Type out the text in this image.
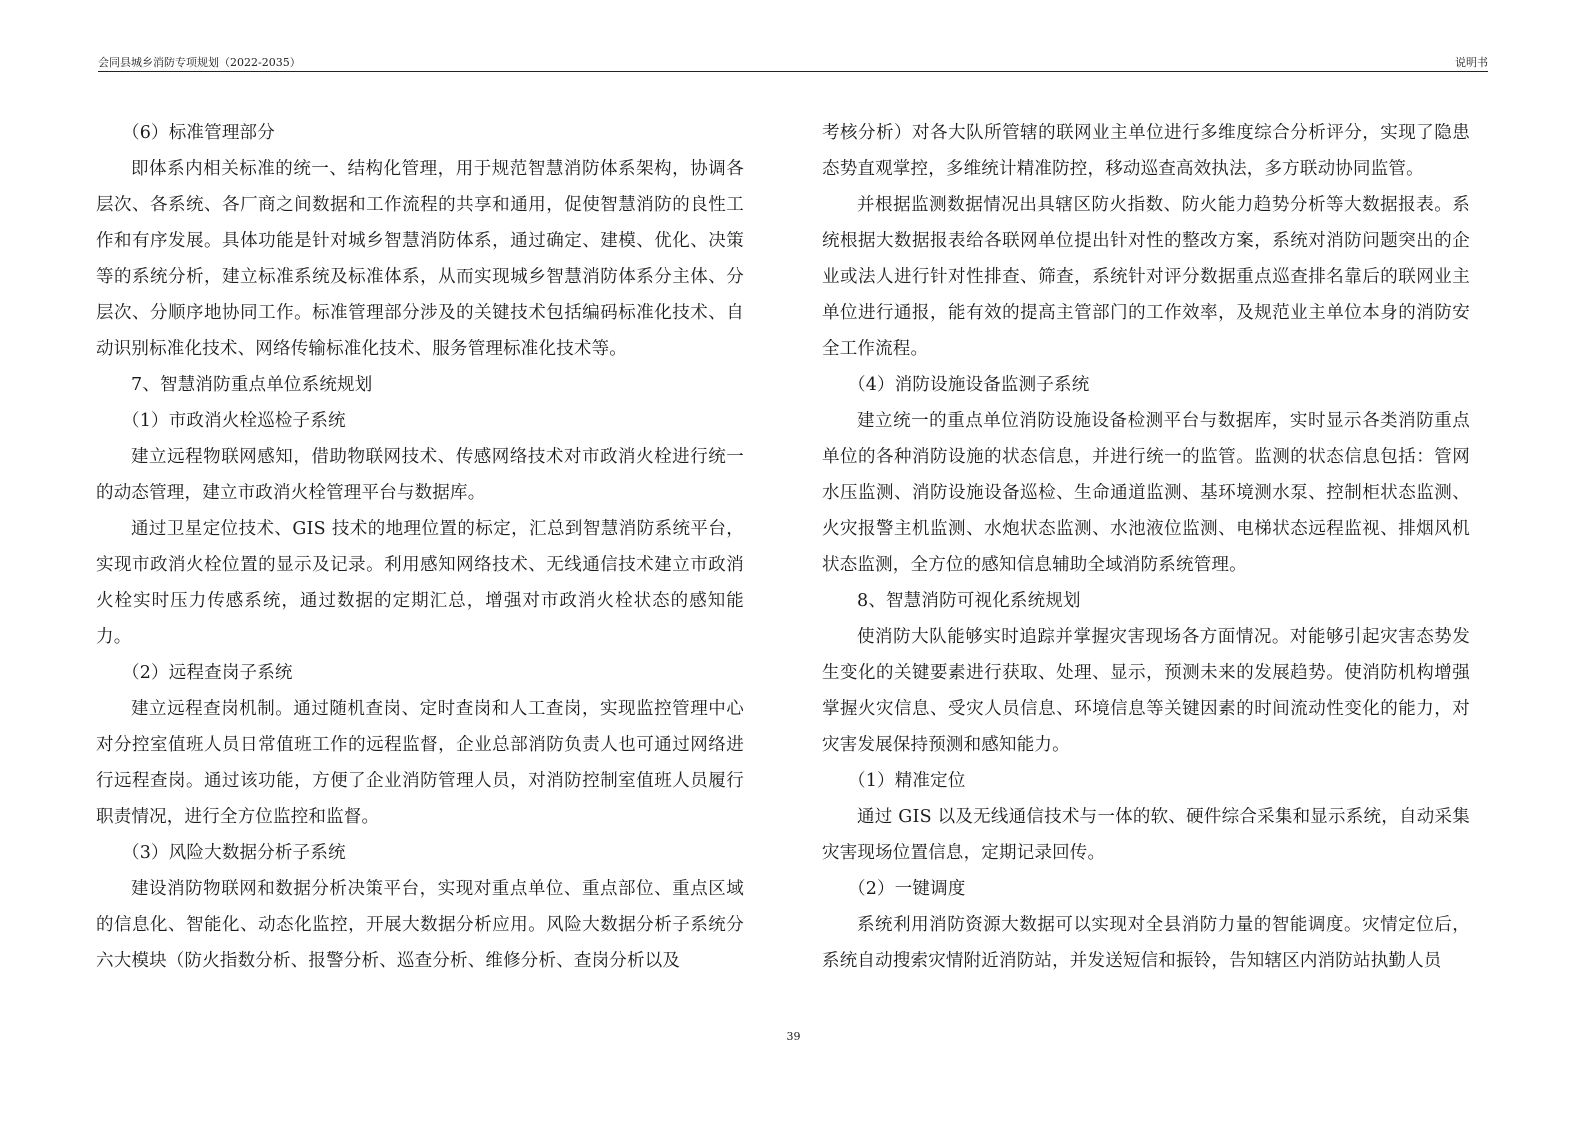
会同县城乡消防专项规划（2022-2035）	说明书

（6）标准管理部分

即体系内相关标准的统一、结构化管理，用于规范智慧消防体系架构，协调各层次、各系统、各厂商之间数据和工作流程的共享和通用，促使智慧消防的良性工作和有序发展。具体功能是针对城乡智慧消防体系，通过确定、建模、优化、决策等的系统分析，建立标准系统及标准体系，从而实现城乡智慧消防体系分主体、分层次、分顺序地协同工作。标准管理部分涉及的关键技术包括编码标准化技术、自动识别标准化技术、网络传输标准化技术、服务管理标准化技术等。

7、智慧消防重点单位系统规划

（1）市政消火栓巡检子系统

建立远程物联网感知，借助物联网技术、传感网络技术对市政消火栓进行统一的动态管理，建立市政消火栓管理平台与数据库。

通过卫星定位技术、GIS 技术的地理位置的标定，汇总到智慧消防系统平台，实现市政消火栓位置的显示及记录。利用感知网络技术、无线通信技术建立市政消火栓实时压力传感系统，通过数据的定期汇总，增强对市政消火栓状态的感知能力。

（2）远程查岗子系统

建立远程查岗机制。通过随机查岗、定时查岗和人工查岗，实现监控管理中心对分控室值班人员日常值班工作的远程监督，企业总部消防负责人也可通过网络进行远程查岗。通过该功能，方便了企业消防管理人员，对消防控制室值班人员履行职责情况，进行全方位监控和监督。

（3）风险大数据分析子系统

建设消防物联网和数据分析决策平台，实现对重点单位、重点部位、重点区域的信息化、智能化、动态化监控，开展大数据分析应用。风险大数据分析子系统分六大模块（防火指数分析、报警分析、巡查分析、维修分析、查岗分析以及

考核分析）对各大队所管辖的联网业主单位进行多维度综合分析评分，实现了隐患态势直观掌控，多维统计精准防控，移动巡查高效执法，多方联动协同监管。

并根据监测数据情况出具辖区防火指数、防火能力趋势分析等大数据报表。系统根据大数据报表给各联网单位提出针对性的整改方案，系统对消防问题突出的企业或法人进行针对性排查、筛查，系统针对评分数据重点巡查排名靠后的联网业主单位进行通报，能有效的提高主管部门的工作效率，及规范业主单位本身的消防安全工作流程。

（4）消防设施设备监测子系统

建立统一的重点单位消防设施设备检测平台与数据库，实时显示各类消防重点单位的各种消防设施的状态信息，并进行统一的监管。监测的状态信息包括：管网水压监测、消防设施设备巡检、生命通道监测、基环境测水泵、控制柜状态监测、火灾报警主机监测、水炮状态监测、水池液位监测、电梯状态远程监视、排烟风机状态监测，全方位的感知信息辅助全域消防系统管理。

8、智慧消防可视化系统规划

使消防大队能够实时追踪并掌握灾害现场各方面情况。对能够引起灾害态势发生变化的关键要素进行获取、处理、显示，预测未来的发展趋势。使消防机构增强掌握火灾信息、受灾人员信息、环境信息等关键因素的时间流动性变化的能力，对灾害发展保持预测和感知能力。

（1）精准定位

通过 GIS 以及无线通信技术与一体的软、硬件综合采集和显示系统，自动采集灾害现场位置信息，定期记录回传。

（2）一键调度

系统利用消防资源大数据可以实现对全县消防力量的智能调度。灾情定位后，系统自动搜索灾情附近消防站，并发送短信和振铃，告知辖区内消防站执勤人员

39
